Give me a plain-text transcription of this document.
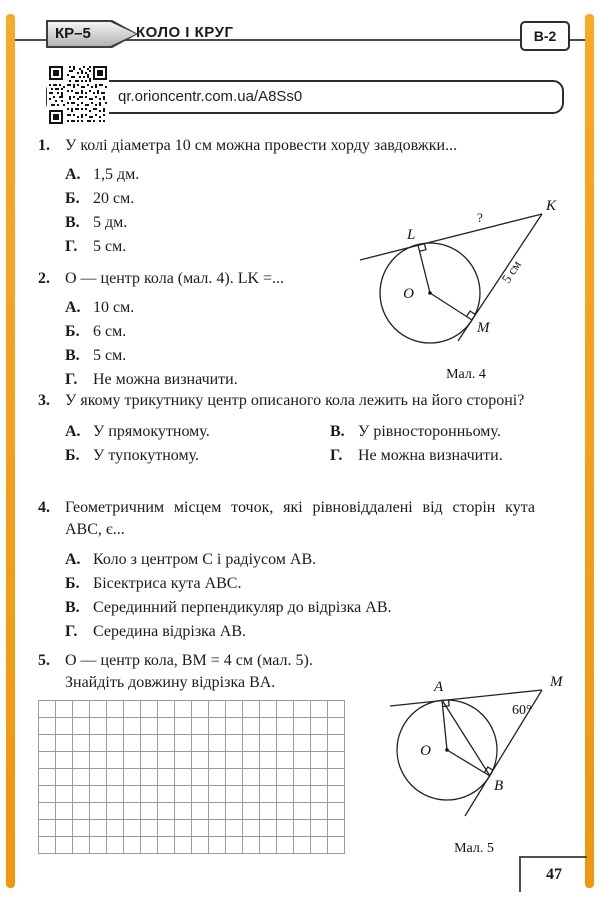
КР–5	КОЛО І КРУГ	В-2
qr.orioncentr.com.ua/A8Ss0
1. У колі діаметра 10 см можна провести хорду завдовжки...
А. 1,5 дм.
Б. 20 см.
В. 5 дм.
Г. 5 см.
2. О — центр кола (мал. 4). LK =...
А. 10 см.
Б. 6 см.
В. 5 см.
Г. Не можна визначити.
L
K
O
M
?
5 см
Мал. 4
3. У якому трикутнику центр описаного кола лежить на його стороні?
А. У прямокутному.	В. У рівносторонньому.
Б. У тупокутному.	Г. Не можна визначити.
4. Геометричним місцем точок, які рівновіддалені від сторін кута ABC, є...
А. Коло з центром C і радіусом AB.
Б. Бісектриса кута ABC.
В. Серединний перпендикуляр до відрізка AB.
Г. Середина відрізка AB.
5. О — центр кола, BM = 4 см (мал. 5). Знайдіть довжину відрізка BA.	A	M
O
B
60°
Мал. 5
47
